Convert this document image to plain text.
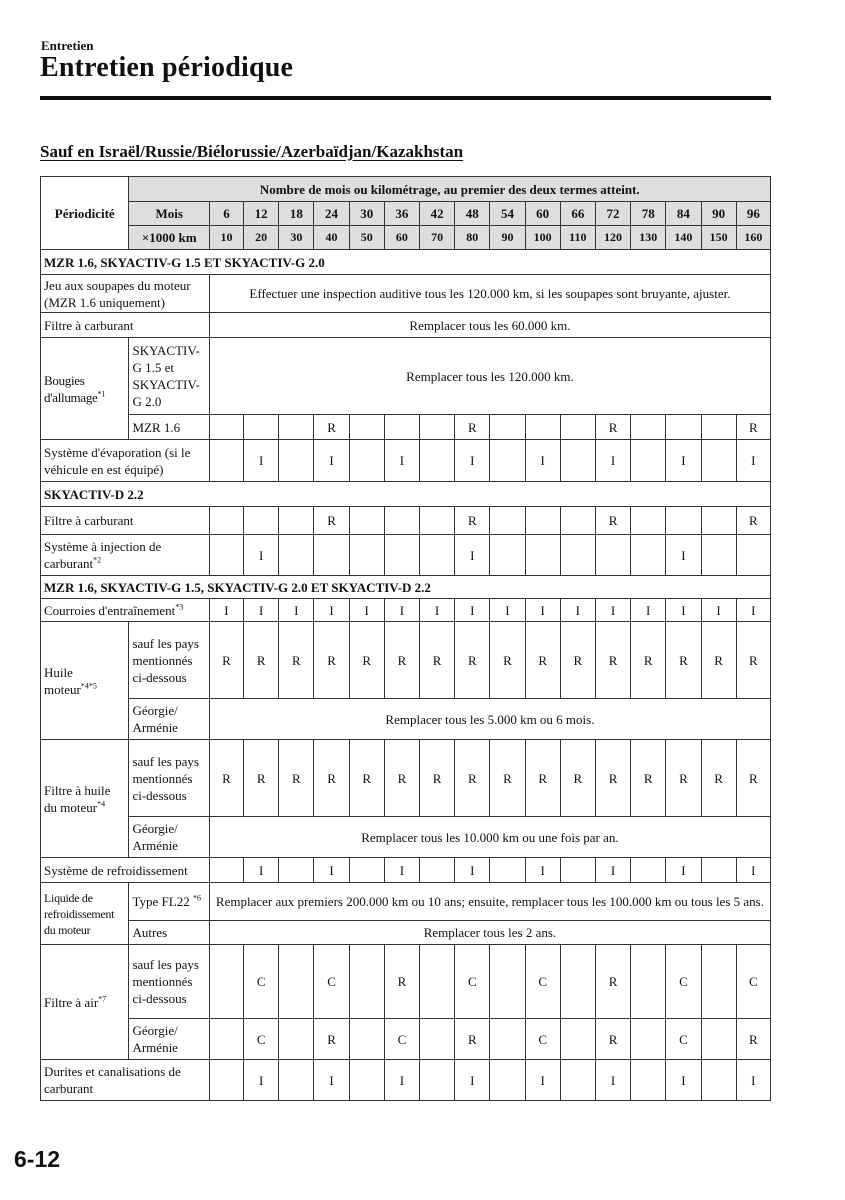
Entretien
Entretien périodique
Sauf en Israël/Russie/Biélorussie/Azerbaïdjan/Kazakhstan
Périodicité	Nombre de mois ou kilométrage, au premier des deux termes atteint.																
	Mois	6	12	18	24	30	36	42	48	54	60	66	72	78	84	90	96
	×1000 km	10	20	30	40	50	60	70	80	90	100	110	120	130	140	150	160
MZR 1.6, SKYACTIV-G 1.5 ET SKYACTIV-G 2.0																	
Jeu aux soupapes du moteur (MZR 1.6 uniquement)		Effectuer une inspection auditive tous les 120.000 km, si les soupapes sont bruyante, ajuster.															
Filtre à carburant		Remplacer tous les 60.000 km.															
Bougies d'allumage$^{*1}$	SKYACTIV-G 1.5 et SKYACTIV-G 2.0	Remplacer tous les 120.000 km.															
	MZR 1.6				R				R				R				R
Système d'évaporation (si le véhicule en est équipé)			I		I		I		I		I		I		I		I
SKYACTIV-D 2.2																	
Filtre à carburant					R				R				R				R
Système à injection de carburant$^{*2}$			I						I						I		
MZR 1.6, SKYACTIV-G 1.5, SKYACTIV-G 2.0 ET SKYACTIV-D 2.2																	
Courroies d'entraînement$^{*3}$		I	I	I	I	I	I	I	I	I	I	I	I	I	I	I	I
Huile moteur$^{*4*5}$	sauf les pays mentionnés ci-dessous	R	R	R	R	R	R	R	R	R	R	R	R	R	R	R	R
	Géorgie/ Arménie	Remplacer tous les 5.000 km ou 6 mois.															
Filtre à huile du moteur$^{*4}$	sauf les pays mentionnés ci-dessous	R	R	R	R	R	R	R	R	R	R	R	R	R	R	R	R
	Géorgie/ Arménie	Remplacer tous les 10.000 km ou une fois par an.															
Système de refroidissement			I		I		I		I		I		I		I		I
Liquide de refroidissement du moteur	Type FL22 $^{*6}$	Remplacer aux premiers 200.000 km ou 10 ans; ensuite, remplacer tous les 100.000 km ou tous les 5 ans.															
	Autres	Remplacer tous les 2 ans.															
Filtre à air$^{*7}$	sauf les pays mentionnés ci-dessous		C		C		R		C		C		R		C		C
	Géorgie/ Arménie		C		R		C		R		C		R		C		R
Durites et canalisations de carburant			I		I		I		I		I		I		I		I
6-12
